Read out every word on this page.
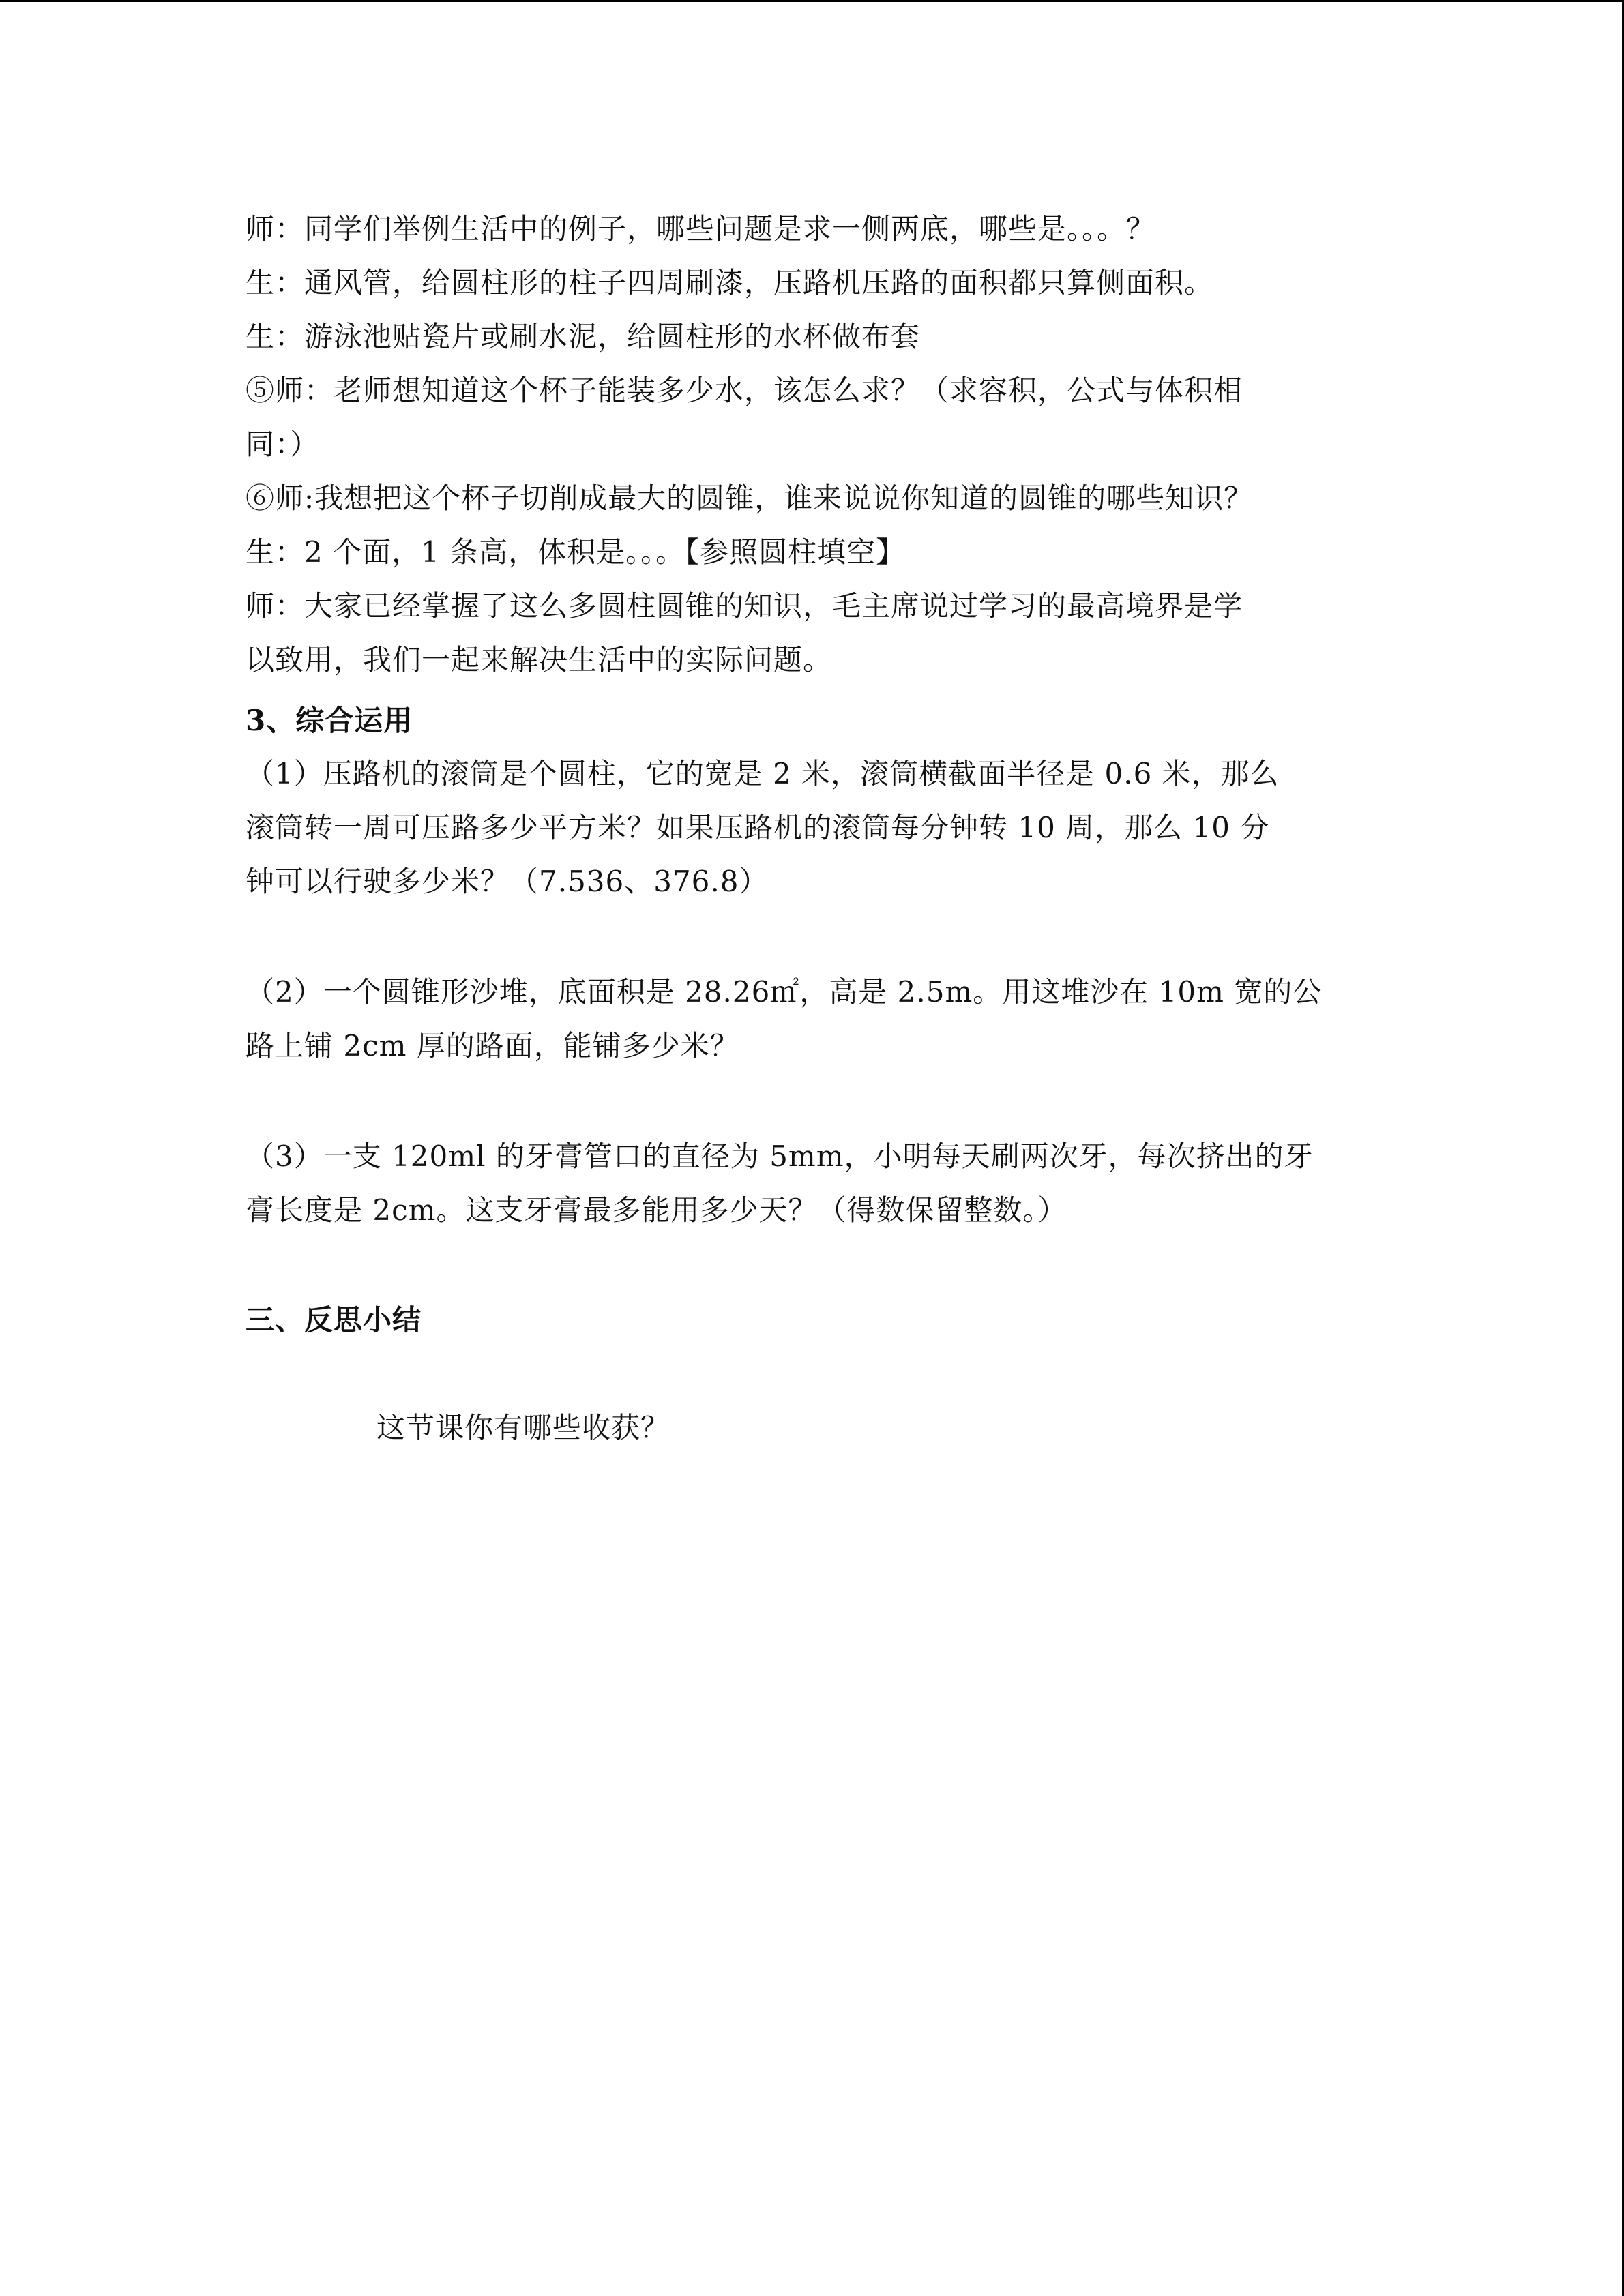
师：同学们举例生活中的例子，哪些问题是求一侧两底，哪些是。。。？
生：通风管，给圆柱形的柱子四周刷漆，压路机压路的面积都只算侧面积。
生：游泳池贴瓷片或刷水泥，给圆柱形的水杯做布套
⑤师：老师想知道这个杯子能装多少水，该怎么求？（求容积，公式与体积相
同：）
⑥师:我想把这个杯子切削成最大的圆锥，谁来说说你知道的圆锥的哪些知识？
生：2 个面，1 条高，体积是。。。【参照圆柱填空】
师：大家已经掌握了这么多圆柱圆锥的知识，毛主席说过学习的最高境界是学
以致用，我们一起来解决生活中的实际问题。
3、综合运用
（1）压路机的滚筒是个圆柱，它的宽是 2 米，滚筒横截面半径是 0.6 米，那么
滚筒转一周可压路多少平方米？如果压路机的滚筒每分钟转 10 周，那么 10 分
钟可以行驶多少米？（7.536、376.8）
（2）一个圆锥形沙堆，底面积是 28.26㎡，高是 2.5m。用这堆沙在 10m 宽的公
路上铺 2cm 厚的路面，能铺多少米？
（3）一支 120ml 的牙膏管口的直径为 5mm，小明每天刷两次牙，每次挤出的牙
膏长度是 2cm。这支牙膏最多能用多少天？（得数保留整数。）
三、反思小结
这节课你有哪些收获？
